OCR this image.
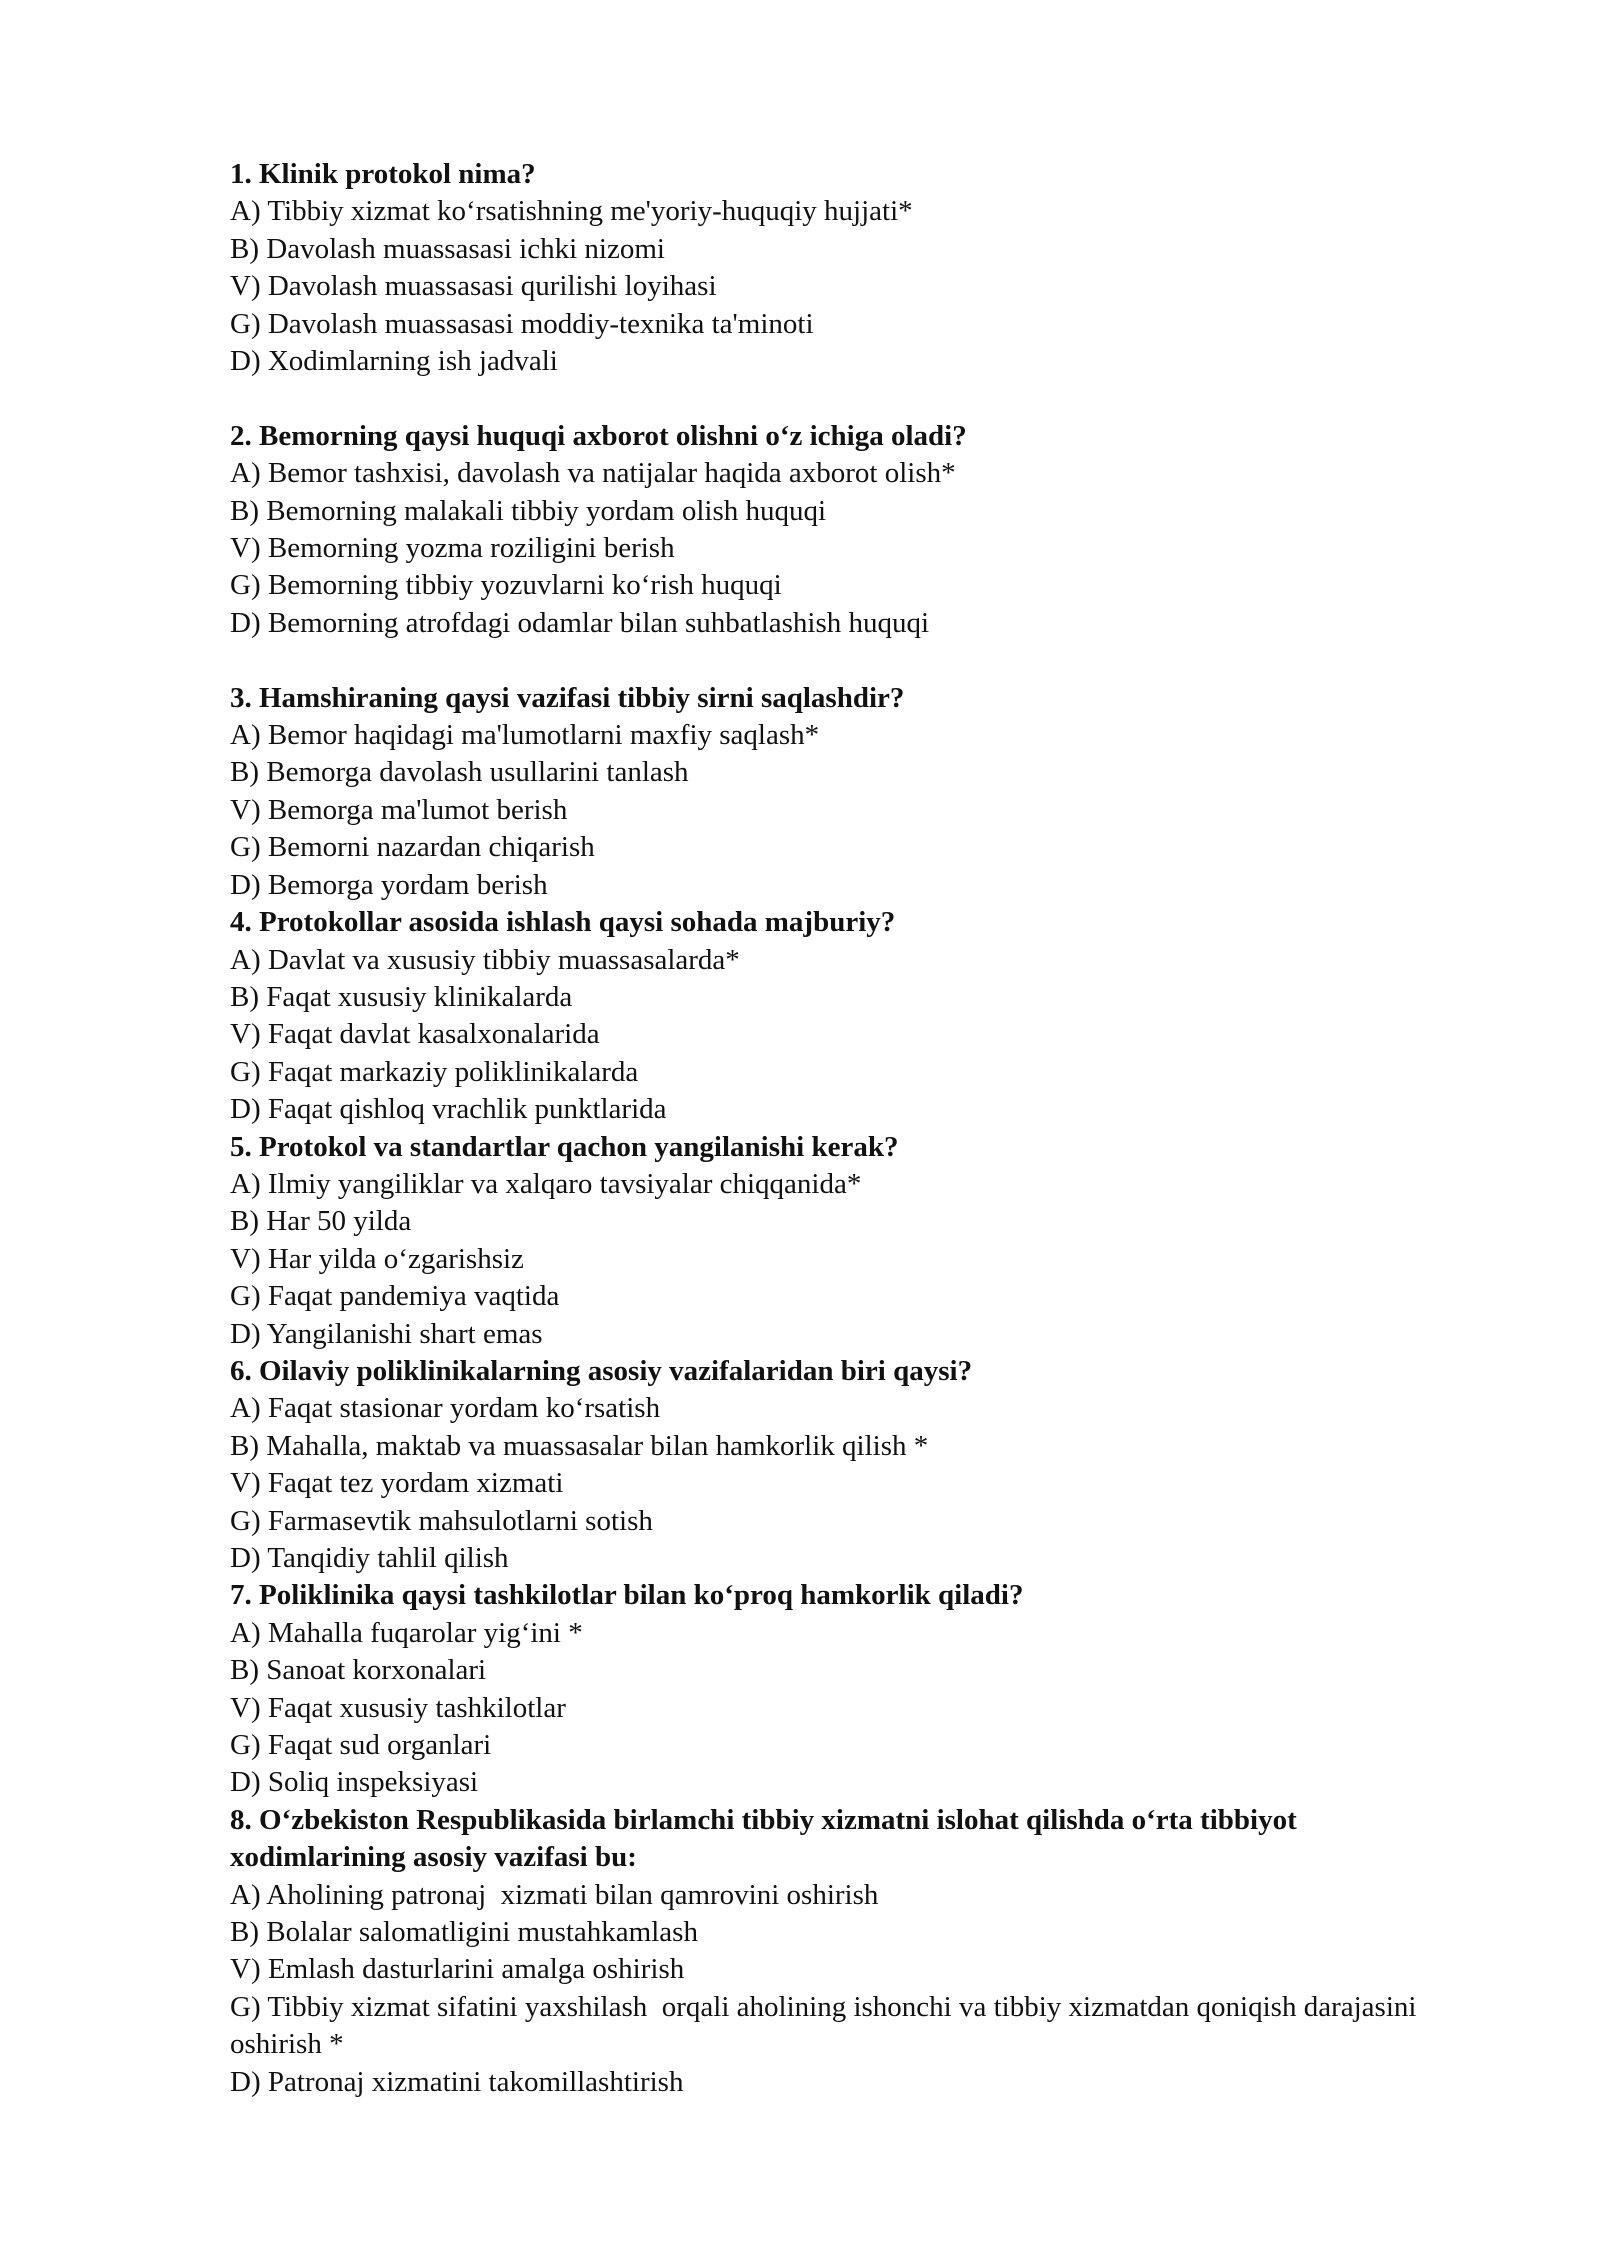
1. Klinik protokol nima?

A) Tibbiy xizmat ko‘rsatishning me'yoriy-huquqiy hujjati*

B) Davolash muassasasi ichki nizomi

V) Davolash muassasasi qurilishi loyihasi

G) Davolash muassasasi moddiy-texnika ta'minoti

D) Xodimlarning ish jadvali

2. Bemorning qaysi huquqi axborot olishni o‘z ichiga oladi?

A) Bemor tashxisi, davolash va natijalar haqida axborot olish*

B) Bemorning malakali tibbiy yordam olish huquqi

V) Bemorning yozma roziligini berish

G) Bemorning tibbiy yozuvlarni ko‘rish huquqi

D) Bemorning atrofdagi odamlar bilan suhbatlashish huquqi

3. Hamshiraning qaysi vazifasi tibbiy sirni saqlashdir?

A) Bemor haqidagi ma'lumotlarni maxfiy saqlash*

B) Bemorga davolash usullarini tanlash

V) Bemorga ma'lumot berish

G) Bemorni nazardan chiqarish

D) Bemorga yordam berish

4. Protokollar asosida ishlash qaysi sohada majburiy?

A) Davlat va xususiy tibbiy muassasalarda*

B) Faqat xususiy klinikalarda

V) Faqat davlat kasalxonalarida

G) Faqat markaziy poliklinikalarda

D) Faqat qishloq vrachlik punktlarida

5. Protokol va standartlar qachon yangilanishi kerak?

A) Ilmiy yangiliklar va xalqaro tavsiyalar chiqqanida*

B) Har 50 yilda

V) Har yilda o‘zgarishsiz

G) Faqat pandemiya vaqtida

D) Yangilanishi shart emas

6. Oilaviy poliklinikalarning asosiy vazifalaridan biri qaysi?

A) Faqat stasionar yordam ko‘rsatish

B) Mahalla, maktab va muassasalar bilan hamkorlik qilish *

V) Faqat tez yordam xizmati

G) Farmasevtik mahsulotlarni sotish

D) Tanqidiy tahlil qilish

7. Poliklinika qaysi tashkilotlar bilan ko‘proq hamkorlik qiladi?

A) Mahalla fuqarolar yig‘ini *

B) Sanoat korxonalari

V) Faqat xususiy tashkilotlar

G) Faqat sud organlari

D) Soliq inspeksiyasi

8. O‘zbekiston Respublikasida birlamchi tibbiy xizmatni islohat qilishda o‘rta tibbiyot xodimlarining asosiy vazifasi bu:

A) Aholining patronaj  xizmati bilan qamrovini oshirish

B) Bolalar salomatligini mustahkamlash

V) Emlash dasturlarini amalga oshirish

G) Tibbiy xizmat sifatini yaxshilash  orqali aholining ishonchi va tibbiy xizmatdan qoniqish darajasini oshirish *

D) Patronaj xizmatini takomillashtirish
